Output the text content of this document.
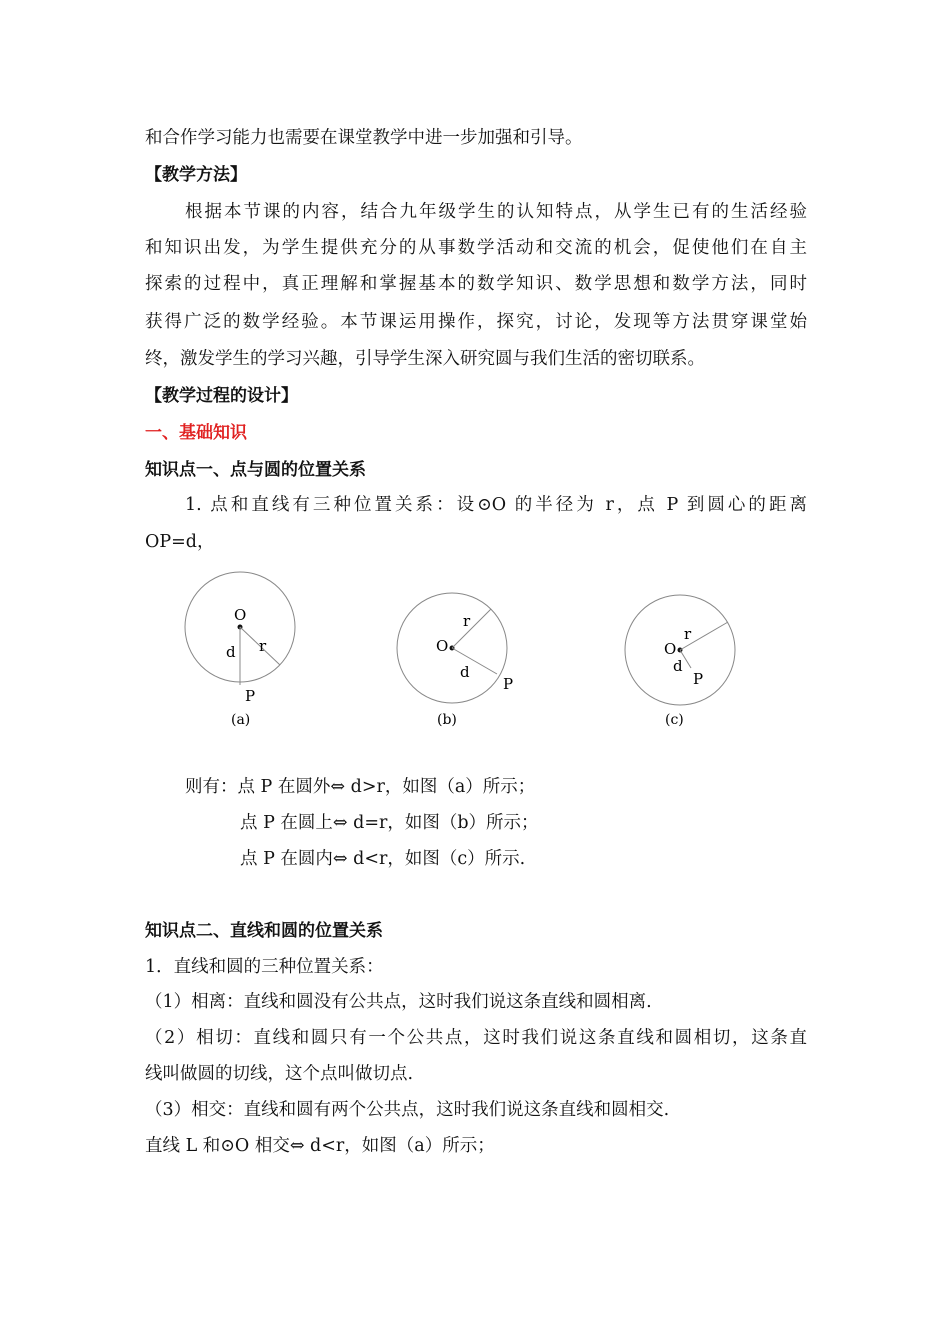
和合作学习能力也需要在课堂教学中进一步加强和引导。
【教学方法】
根据本节课的内容，结合九年级学生的认知特点，从学生已有的生活经验
和知识出发，为学生提供充分的从事数学活动和交流的机会，促使他们在自主
探索的过程中，真正理解和掌握基本的数学知识、数学思想和数学方法，同时
获得广泛的数学经验。本节课运用操作，探究，讨论，发现等方法贯穿课堂始
终，激发学生的学习兴趣，引导学生深入研究圆与我们生活的密切联系。
【教学过程的设计】
一、基础知识
知识点一、点与圆的位置关系
1. 点和直线有三种位置关系：设⊙O 的半径为 r，点 P 到圆心的距离
OP=d，
O
d r
P
(a)
O
r
d
P
(b)
O
r
d
P
(c)
则有：点 P 在圆外⇔ d>r，如图（a）所示；
点 P 在圆上⇔ d=r，如图（b）所示；
点 P 在圆内⇔ d<r，如图（c）所示.
知识点二、直线和圆的位置关系
1．直线和圆的三种位置关系：
（1）相离：直线和圆没有公共点，这时我们说这条直线和圆相离.
（2）相切：直线和圆只有一个公共点，这时我们说这条直线和圆相切，这条直
线叫做圆的切线，这个点叫做切点.
（3）相交：直线和圆有两个公共点，这时我们说这条直线和圆相交.
直线 L 和⊙O 相交⇔ d<r，如图（a）所示；
